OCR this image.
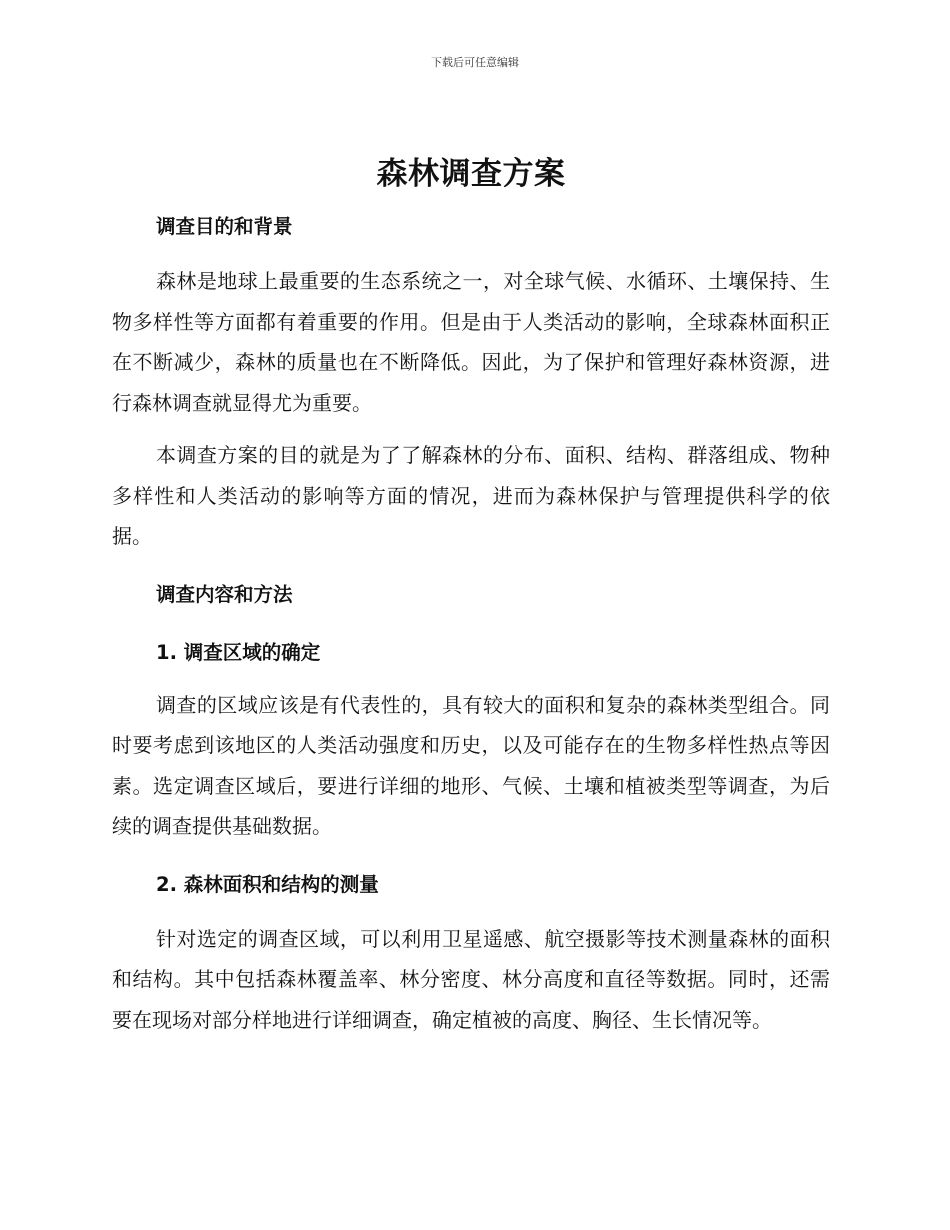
下载后可任意编辑
森林调查方案

调查目的和背景

森林是地球上最重要的生态系统之一，对全球气候、水循环、土壤保持、生物多样性等方面都有着重要的作用。但是由于人类活动的影响，全球森林面积正在不断减少，森林的质量也在不断降低。因此，为了保护和管理好森林资源，进行森林调查就显得尤为重要。

本调查方案的目的就是为了了解森林的分布、面积、结构、群落组成、物种多样性和人类活动的影响等方面的情况，进而为森林保护与管理提供科学的依据。

调查内容和方法

1. 调查区域的确定

调查的区域应该是有代表性的，具有较大的面积和复杂的森林类型组合。同时要考虑到该地区的人类活动强度和历史，以及可能存在的生物多样性热点等因素。选定调查区域后，要进行详细的地形、气候、土壤和植被类型等调查，为后续的调查提供基础数据。

2. 森林面积和结构的测量

针对选定的调查区域，可以利用卫星遥感、航空摄影等技术测量森林的面积和结构。其中包括森林覆盖率、林分密度、林分高度和直径等数据。同时，还需要在现场对部分样地进行详细调查，确定植被的高度、胸径、生长情况等。
